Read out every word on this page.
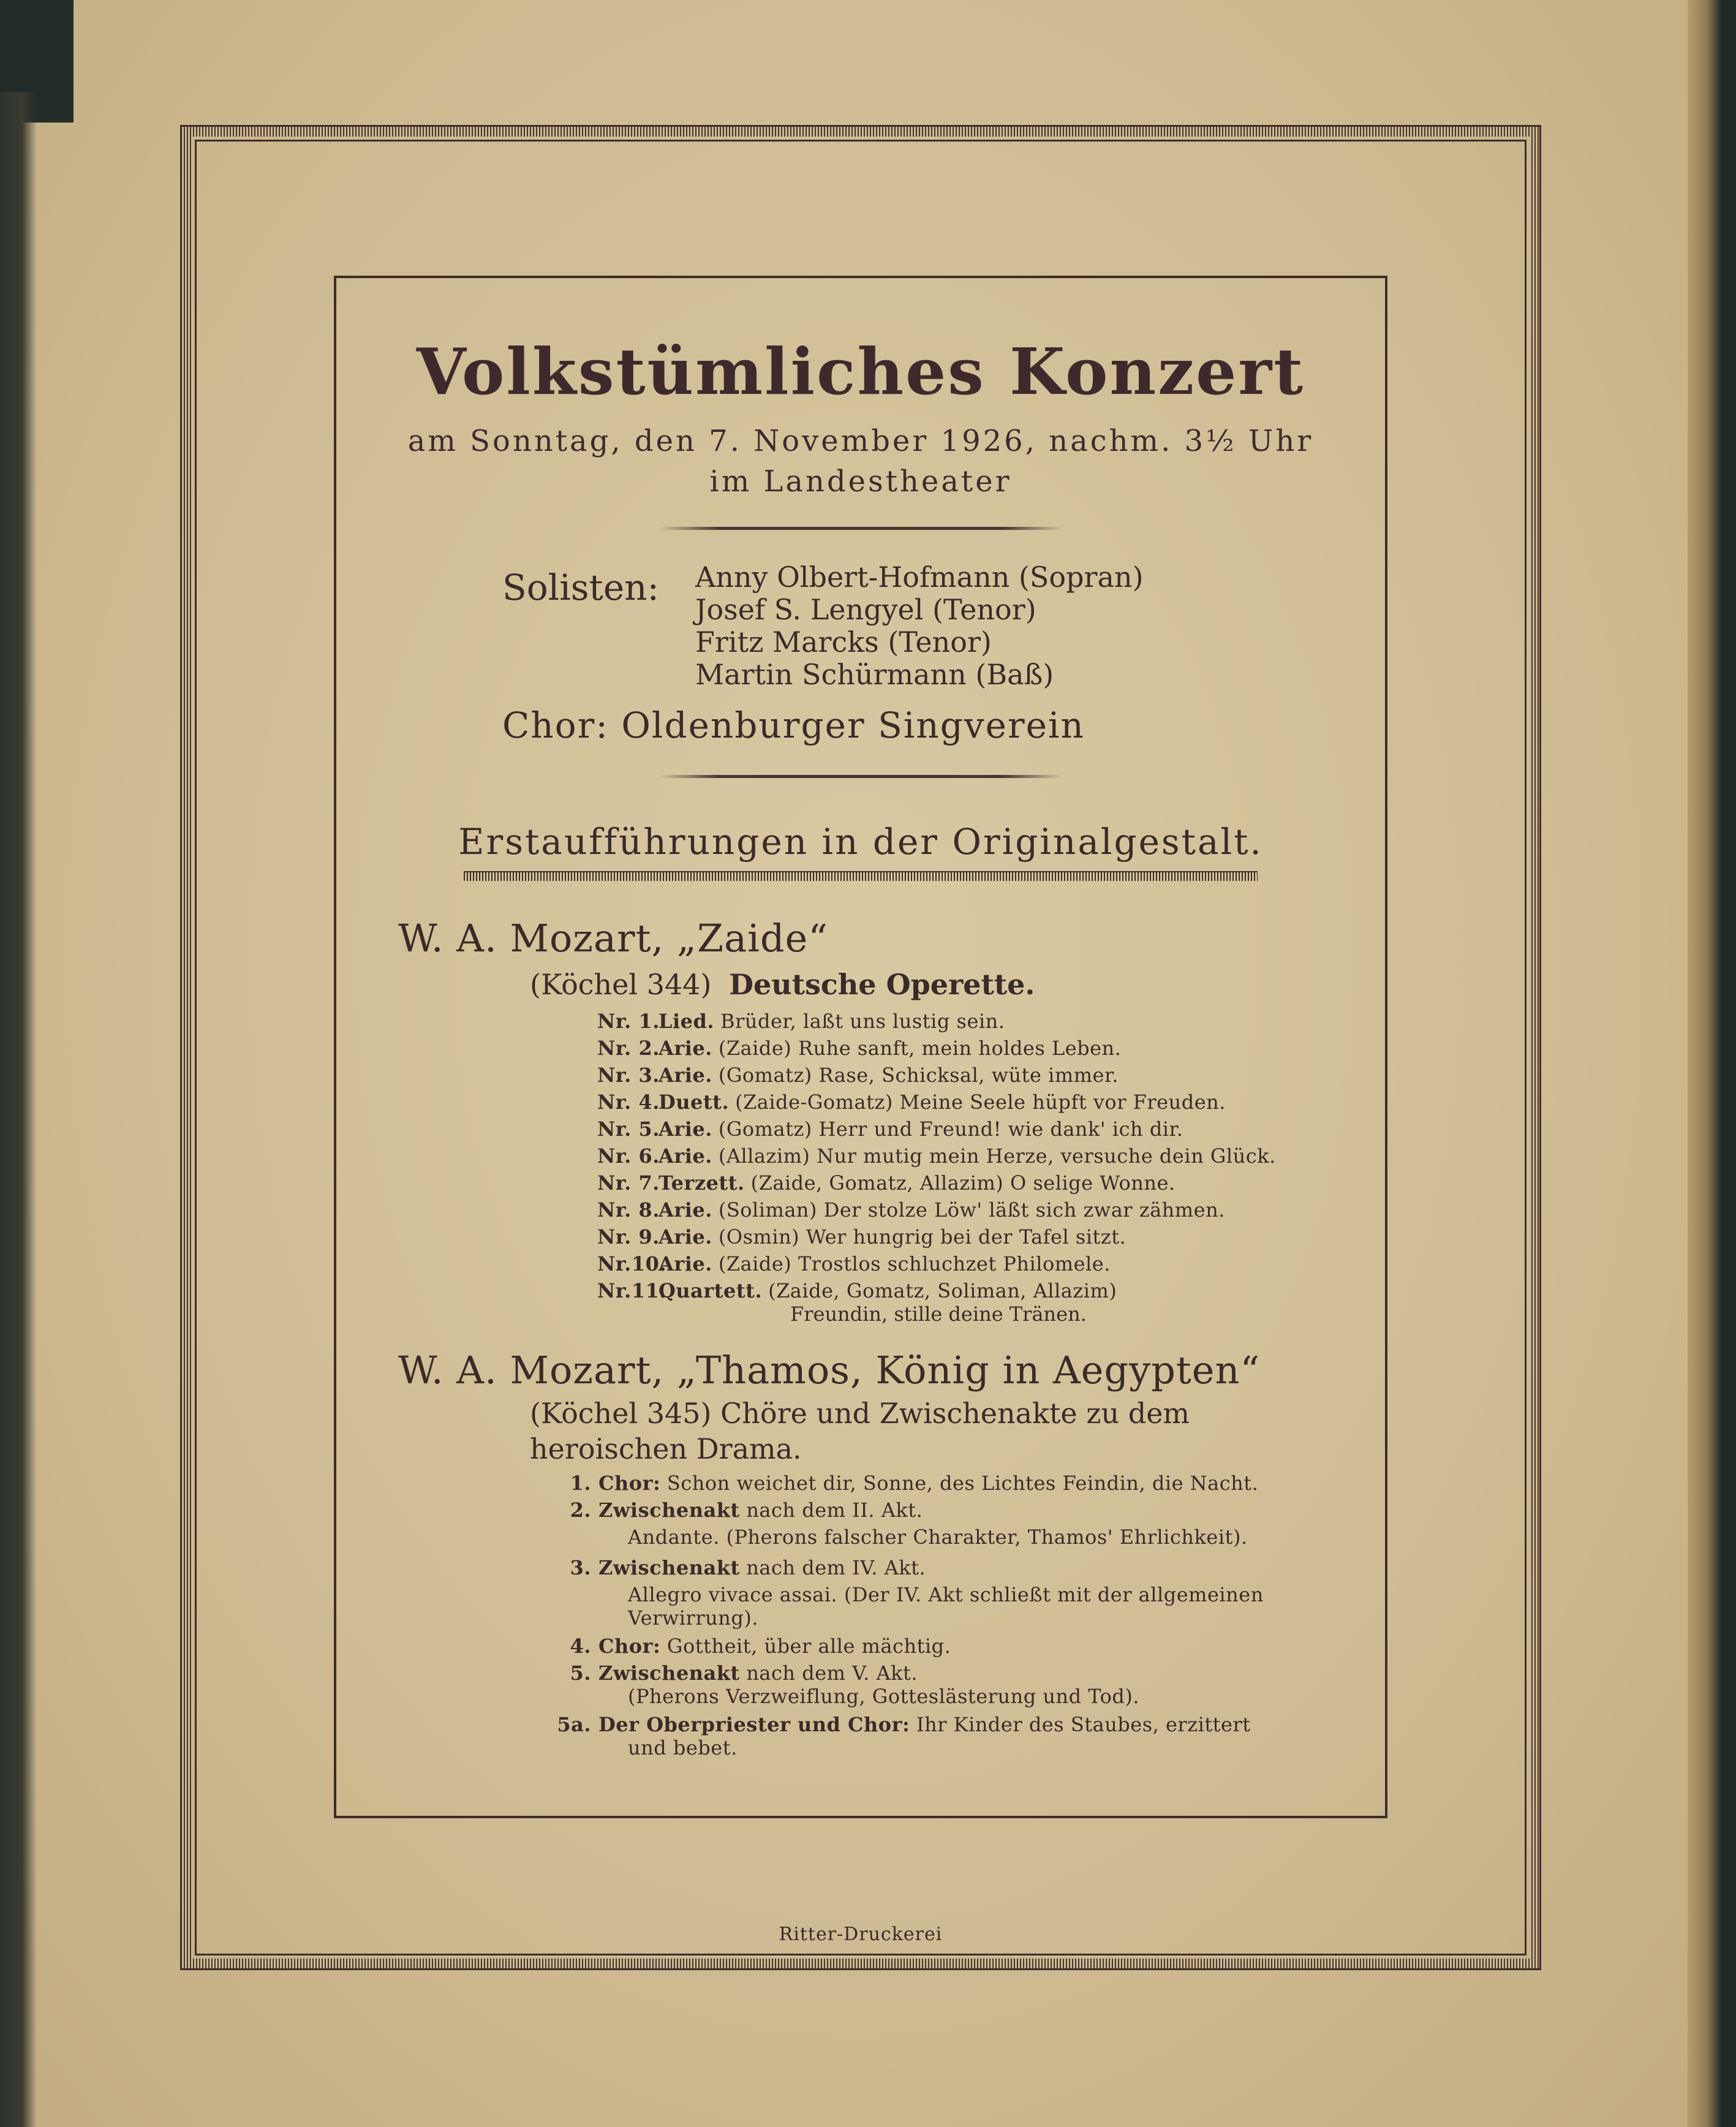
Volkstümliches Konzert
am Sonntag, den 7. November 1926, nachm. 3½ Uhr
im Landestheater
Solisten: Anny Olbert-Hofmann (Sopran)
Josef S. Lengyel (Tenor)
Fritz Marcks (Tenor)
Martin Schürmann (Baß)
Chor: Oldenburger Singverein
Erstaufführungen in der Originalgestalt.
W. A. Mozart, „Zaide“
(Köchel 344) Deutsche Operette.
Nr. 1.Lied. Brüder, laßt uns lustig sein.
Nr. 2.Arie. (Zaide) Ruhe sanft, mein holdes Leben.
Nr. 3.Arie. (Gomatz) Rase, Schicksal, wüte immer.
Nr. 4.Duett. (Zaide-Gomatz) Meine Seele hüpft vor Freuden.
Nr. 5.Arie. (Gomatz) Herr und Freund! wie dank' ich dir.
Nr. 6.Arie. (Allazim) Nur mutig mein Herze, versuche dein Glück.
Nr. 7.Terzett. (Zaide, Gomatz, Allazim) O selige Wonne.
Nr. 8.Arie. (Soliman) Der stolze Löw' läßt sich zwar zähmen.
Nr. 9.Arie. (Osmin) Wer hungrig bei der Tafel sitzt.
Nr.10.Arie. (Zaide) Trostlos schluchzet Philomele.
Nr.11.Quartett. (Zaide, Gomatz, Soliman, Allazim)
Freundin, stille deine Tränen.
W. A. Mozart, „Thamos, König in Aegypten“
(Köchel 345) Chöre und Zwischenakte zu dem
heroischen Drama.
1. Chor: Schon weichet dir, Sonne, des Lichtes Feindin, die Nacht.
2. Zwischenakt nach dem II. Akt.
Andante. (Pherons falscher Charakter, Thamos' Ehrlichkeit).
3. Zwischenakt nach dem IV. Akt.
Allegro vivace assai. (Der IV. Akt schließt mit der allgemeinen
Verwirrung).
4. Chor: Gottheit, über alle mächtig.
5. Zwischenakt nach dem V. Akt.
(Pherons Verzweiflung, Gotteslästerung und Tod).
5a. Der Oberpriester und Chor: Ihr Kinder des Staubes, erzittert
und bebet.
Ritter-Druckerei
